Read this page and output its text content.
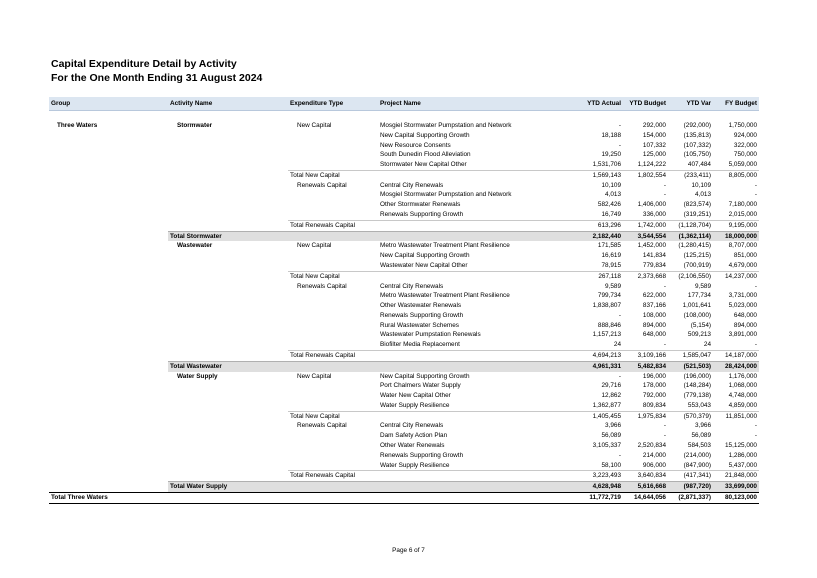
Capital Expenditure Detail by Activity
For the One Month Ending 31 August 2024
Group	Activity Name	Expenditure Type	Project Name	YTD Actual	YTD Budget	YTD Var	FY Budget

Three Waters	Stormwater	New Capital	Mosgiel Stormwater Pumpstation and Network	-	292,000	(292,000)	1,750,000
			New Capital Supporting Growth	18,188	154,000	(135,813)	924,000
			New Resource Consents	-	107,332	(107,332)	322,000
			South Dunedin Flood Alleviation	19,250	125,000	(105,750)	750,000
			Stormwater New Capital Other	1,531,706	1,124,222	407,484	5,059,000
		Total New Capital		1,569,143	1,802,554	(233,411)	8,805,000
		Renewals Capital	Central City Renewals	10,109	-	10,109	-
			Mosgiel Stormwater Pumpstation and Network	4,013	-	4,013	-
			Other Stormwater Renewals	582,426	1,406,000	(823,574)	7,180,000
			Renewals Supporting Growth	16,749	336,000	(319,251)	2,015,000
		Total Renewals Capital		613,296	1,742,000	(1,128,704)	9,195,000
	Total Stormwater			2,182,440	3,544,554	(1,362,114)	18,000,000
	Wastewater	New Capital	Metro Wastewater Treatment Plant Resilience	171,585	1,452,000	(1,280,415)	8,707,000
			New Capital Supporting Growth	16,619	141,834	(125,215)	851,000
			Wastewater New Capital Other	78,915	779,834	(700,919)	4,679,000
		Total New Capital		267,118	2,373,668	(2,106,550)	14,237,000
		Renewals Capital	Central City Renewals	9,589	-	9,589	-
			Metro Wastewater Treatment Plant Resilience	799,734	622,000	177,734	3,731,000
			Other Wastewater Renewals	1,838,807	837,166	1,001,641	5,023,000
			Renewals Supporting Growth	-	108,000	(108,000)	648,000
			Rural Wastewater Schemes	888,846	894,000	(5,154)	894,000
			Wastewater Pumpstation Renewals	1,157,213	648,000	509,213	3,891,000
			Biofilter Media Replacement	24	-	24	-
		Total Renewals Capital		4,694,213	3,109,166	1,585,047	14,187,000
	Total Wastewater			4,961,331	5,482,834	(521,503)	28,424,000
	Water Supply	New Capital	New Capital Supporting Growth	-	196,000	(196,000)	1,176,000
			Port Chalmers Water Supply	29,716	178,000	(148,284)	1,068,000
			Water New Capital Other	12,862	792,000	(779,138)	4,748,000
			Water Supply Resilience	1,362,877	809,834	553,043	4,859,000
		Total New Capital		1,405,455	1,975,834	(570,379)	11,851,000
		Renewals Capital	Central City Renewals	3,966	-	3,966	-
			Dam Safety Action Plan	56,089	-	56,089	-
			Other Water Renewals	3,105,337	2,520,834	584,503	15,125,000
			Renewals Supporting Growth	-	214,000	(214,000)	1,286,000
			Water Supply Resilience	58,100	906,000	(847,900)	5,437,000
		Total Renewals Capital		3,223,493	3,640,834	(417,341)	21,848,000
	Total Water Supply			4,628,948	5,616,668	(987,720)	33,699,000
Total Three Waters				11,772,719	14,644,056	(2,871,337)	80,123,000
Page 6 of 7
